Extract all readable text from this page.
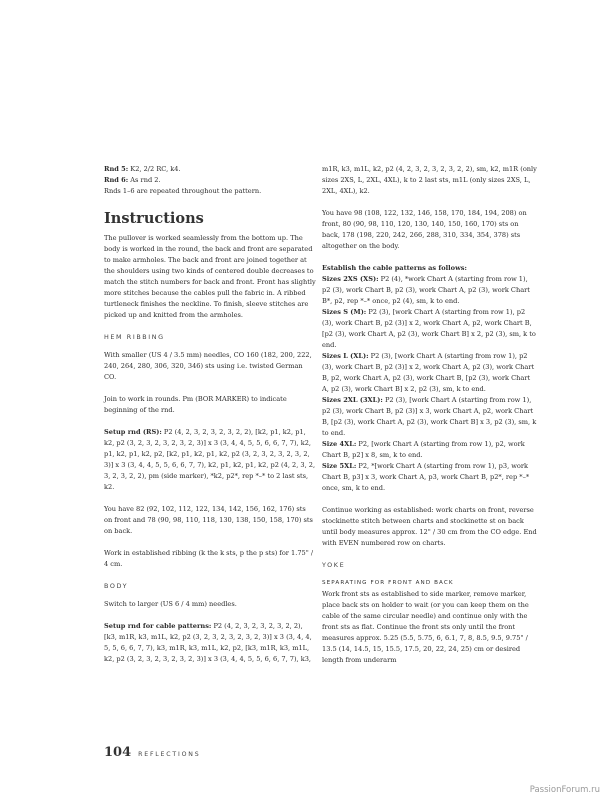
Rnd 5: K2, 2/2 RC, k4.

Rnd 6: As rnd 2.

Rnds 1–6 are repeated throughout the pattern.

Instructions

The pullover is worked seamlessly from the bottom up. The body is worked in the round, the back and front are separated to make armholes. The back and front are joined together at the shoulders using two kinds of centered double decreases to match the stitch numbers for back and front. Front has slightly more stitches because the cables pull the fabric in. A ribbed turtleneck finishes the neckline. To finish, sleeve stitches are picked up and knitted from the armholes.

HEM RIBBING

With smaller (US 4 / 3.5 mm) needles, CO 160 (182, 200, 222, 240, 264, 280, 306, 320, 346) sts using i.e. twisted German CO.

Join to work in rounds. Pm (BOR MARKER) to indicate beginning of the rnd.

Setup rnd (RS): P2 (4, 2, 3, 2, 3, 2, 3, 2, 2), [k2, p1, k2, p1, k2, p2 (3, 2, 3, 2, 3, 2, 3, 2, 3)] x 3 (3, 4, 4, 5, 5, 6, 6, 7, 7), k2, p1, k2, p1, k2, p2, [k2, p1, k2, p1, k2, p2 (3, 2, 3, 2, 3, 2, 3, 2, 3)] x 3 (3, 4, 4, 5, 5, 6, 6, 7, 7), k2, p1, k2, p1, k2, p2 (4, 2, 3, 2, 3, 2, 3, 2, 2), pm (side marker), *k2, p2*, rep *–* to 2 last sts, k2.

You have 82 (92, 102, 112, 122, 134, 142, 156, 162, 176) sts on front and 78 (90, 98, 110, 118, 130, 138, 150, 158, 170) sts on back.

Work in established ribbing (k the k sts, p the p sts) for 1.75" / 4 cm.

BODY

Switch to larger (US 6 / 4 mm) needles.

Setup rnd for cable patterns: P2 (4, 2, 3, 2, 3, 2, 3, 2, 2), [k3, m1R, k3, m1L, k2, p2 (3, 2, 3, 2, 3, 2, 3, 2, 3)] x 3 (3, 4, 4, 5, 5, 6, 6, 7, 7), k3, m1R, k3, m1L, k2, p2, [k3, m1R, k3, m1L, k2, p2 (3, 2, 3, 2, 3, 2, 3, 2, 3)] x 3 (3, 4, 4, 5, 5, 6, 6, 7, 7), k3,

m1R, k3, m1L, k2, p2 (4, 2, 3, 2, 3, 2, 3, 2, 2), sm, k2, m1R (only sizes 2XS, L, 2XL, 4XL), k to 2 last sts, m1L (only sizes 2XS, L, 2XL, 4XL), k2.

You have 98 (108, 122, 132, 146, 158, 170, 184, 194, 208) on front, 80 (90, 98, 110, 120, 130, 140, 150, 160, 170) sts on back, 178 (198, 220, 242, 266, 288, 310, 334, 354, 378) sts altogether on the body.

Establish the cable patterns as follows:

Sizes 2XS (XS): P2 (4), *work Chart A (starting from row 1), p2 (3), work Chart B, p2 (3), work Chart A, p2 (3), work Chart B*, p2, rep *–* once, p2 (4), sm, k to end.

Sizes S (M): P2 (3), [work Chart A (starting from row 1), p2 (3), work Chart B, p2 (3)] x 2, work Chart A, p2, work Chart B, [p2 (3), work Chart A, p2 (3), work Chart B] x 2, p2 (3), sm, k to end.

Sizes L (XL): P2 (3), [work Chart A (starting from row 1), p2 (3), work Chart B, p2 (3)] x 2, work Chart A, p2 (3), work Chart B, p2, work Chart A, p2 (3), work Chart B, [p2 (3), work Chart A, p2 (3), work Chart B] x 2, p2 (3), sm, k to end.

Sizes 2XL (3XL): P2 (3), [work Chart A (starting from row 1), p2 (3), work Chart B, p2 (3)] x 3, work Chart A, p2, work Chart B, [p2 (3), work Chart A, p2 (3), work Chart B] x 3, p2 (3), sm, k to end.

Size 4XL: P2, [work Chart A (starting from row 1), p2, work Chart B, p2] x 8, sm, k to end.

Size 5XL: P2, *[work Chart A (starting from row 1), p3, work Chart B, p3] x 3, work Chart A, p3, work Chart B, p2*, rep *–* once, sm, k to end.

Continue working as established: work charts on front, reverse stockinette stitch between charts and stockinette st on back until body measures approx. 12" / 30 cm from the CO edge. End with EVEN numbered row on charts.

YOKE
SEPARATING FOR FRONT AND BACK

Work front sts as established to side marker, remove marker, place back sts on holder to wait (or you can keep them on the cable of the same circular needle) and continue only with the front sts as flat. Continue the front sts only until the front measures approx. 5.25 (5.5, 5.75, 6, 6.1, 7, 8, 8.5, 9.5, 9.75" / 13.5 (14, 14.5, 15, 15.5, 17.5, 20, 22, 24, 25) cm or desired length from underarm

104 REFLECTIONS
PassionForum.ru
